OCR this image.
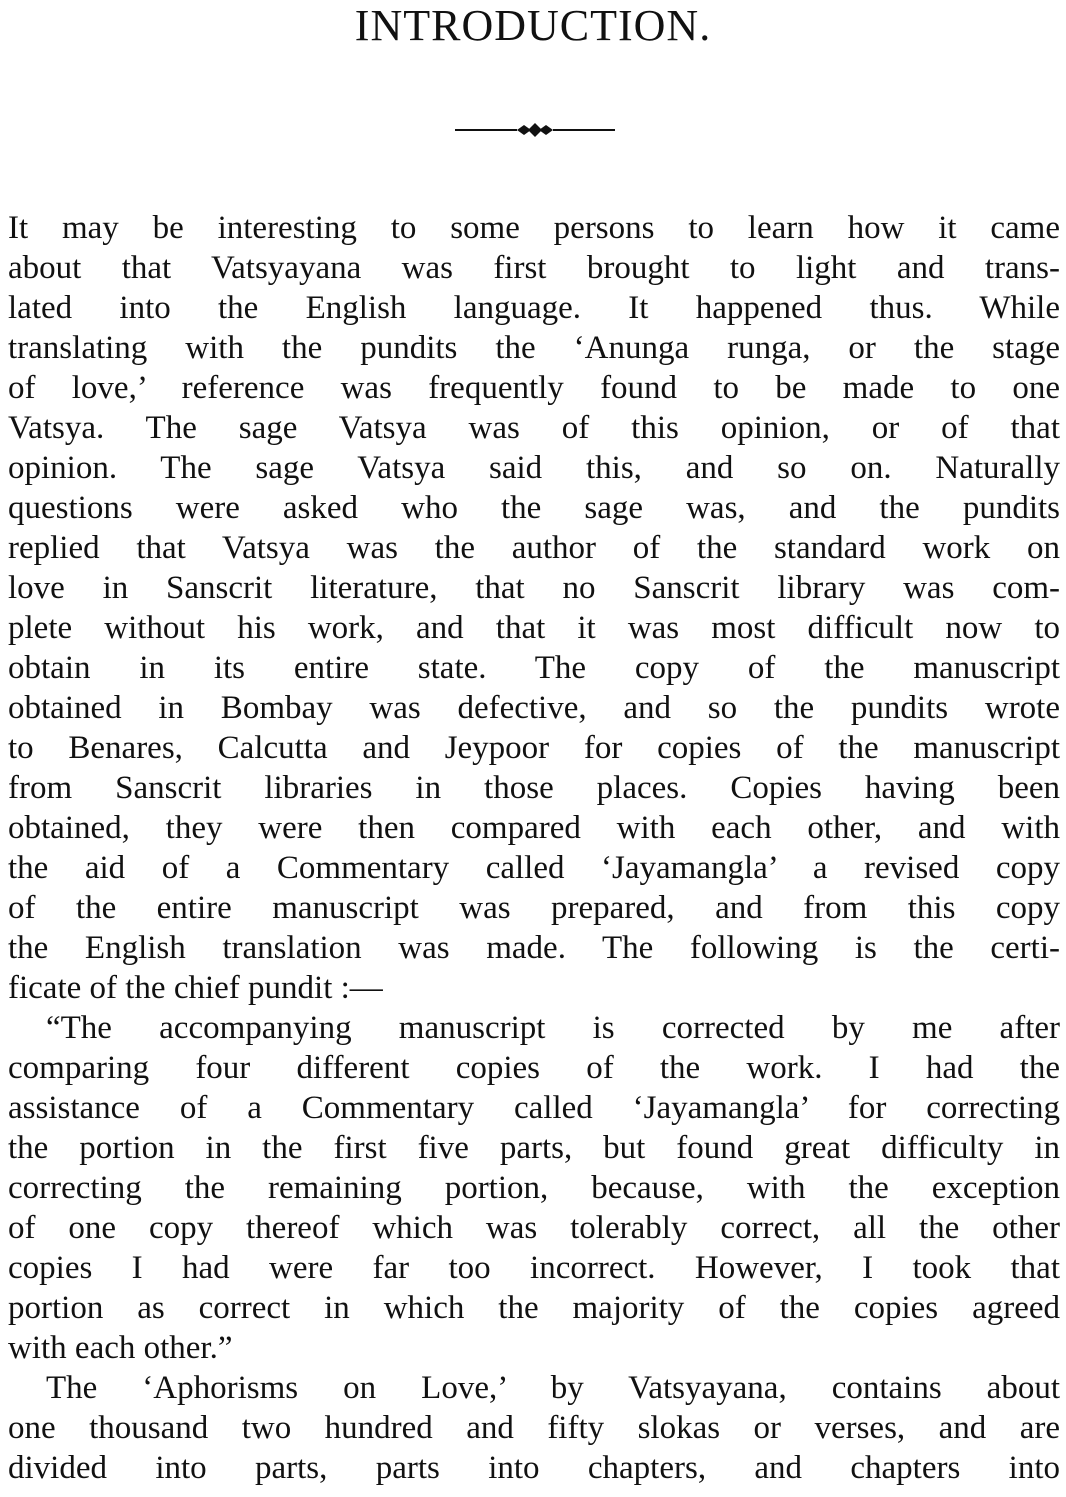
INTRODUCTION.
It may be interesting to some persons to learn how it came
about that Vatsyayana was first brought to light and trans-
lated into the English language. It happened thus. While
translating with the pundits the ‘Anunga runga, or the stage
of love,’ reference was frequently found to be made to one
Vatsya. The sage Vatsya was of this opinion, or of that
opinion. The sage Vatsya said this, and so on. Naturally
questions were asked who the sage was, and the pundits
replied that Vatsya was the author of the standard work on
love in Sanscrit literature, that no Sanscrit library was com-
plete without his work, and that it was most difficult now to
obtain in its entire state. The copy of the manuscript
obtained in Bombay was defective, and so the pundits wrote
to Benares, Calcutta and Jeypoor for copies of the manuscript
from Sanscrit libraries in those places. Copies having been
obtained, they were then compared with each other, and with
the aid of a Commentary called ‘Jayamangla’ a revised copy
of the entire manuscript was prepared, and from this copy
the English translation was made. The following is the certi-
ficate of the chief pundit :—
“The accompanying manuscript is corrected by me after
comparing four different copies of the work. I had the
assistance of a Commentary called ‘Jayamangla’ for correcting
the portion in the first five parts, but found great difficulty in
correcting the remaining portion, because, with the exception
of one copy thereof which was tolerably correct, all the other
copies I had were far too incorrect. However, I took that
portion as correct in which the majority of the copies agreed
with each other.”
The ‘Aphorisms on Love,’ by Vatsyayana, contains about
one thousand two hundred and fifty slokas or verses, and are
divided into parts, parts into chapters, and chapters into
